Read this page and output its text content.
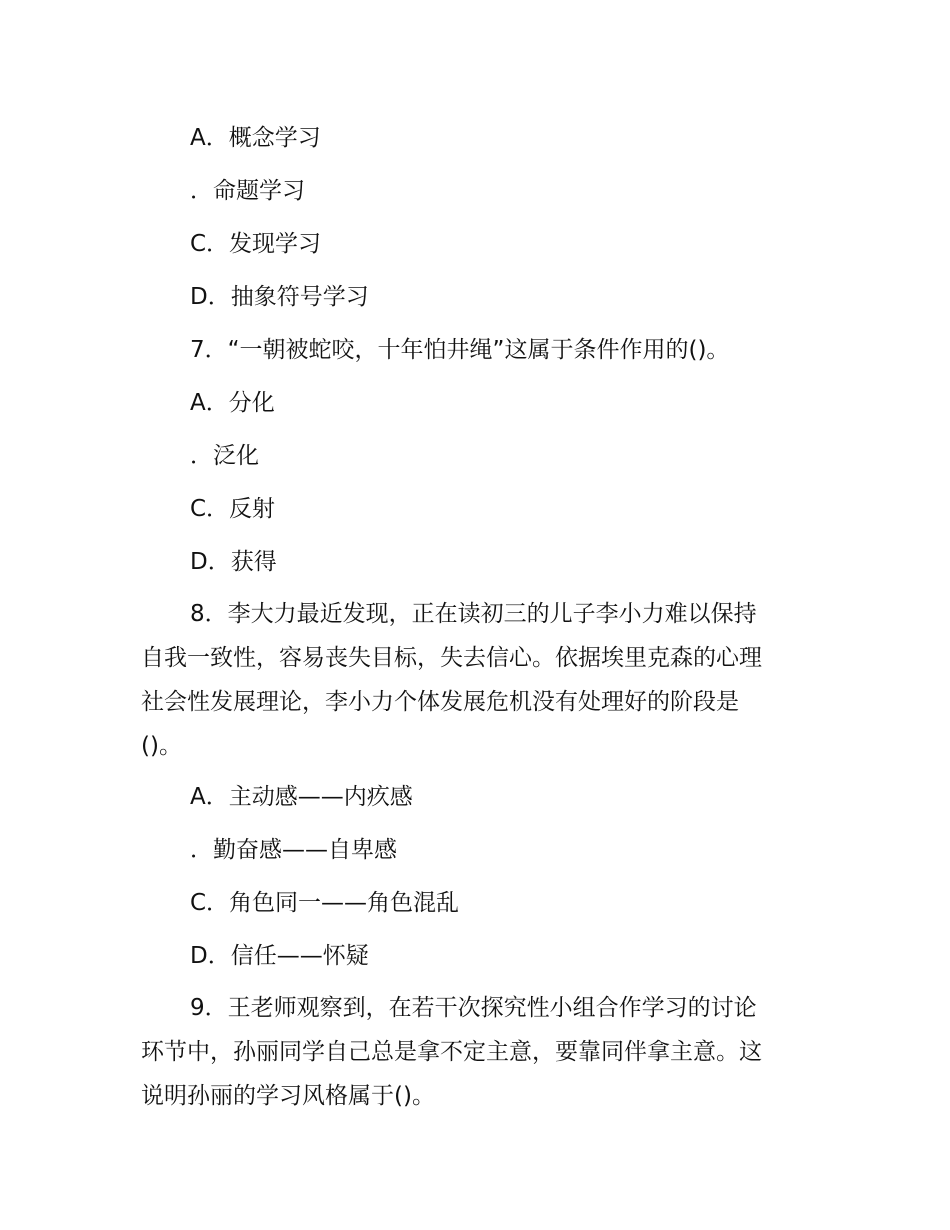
A．概念学习
．命题学习
C．发现学习
D．抽象符号学习
7．“一朝被蛇咬，十年怕井绳”这属于条件作用的()。
A．分化
．泛化
C．反射
D．获得
8．李大力最近发现，正在读初三的儿子李小力难以保持
自我一致性，容易丧失目标，失去信心。依据埃里克森的心理
社会性发展理论，李小力个体发展危机没有处理好的阶段是
()。
A．主动感——内疚感
．勤奋感——自卑感
C．角色同一——角色混乱
D．信任——怀疑
9．王老师观察到，在若干次探究性小组合作学习的讨论
环节中，孙丽同学自己总是拿不定主意，要靠同伴拿主意。这
说明孙丽的学习风格属于()。
